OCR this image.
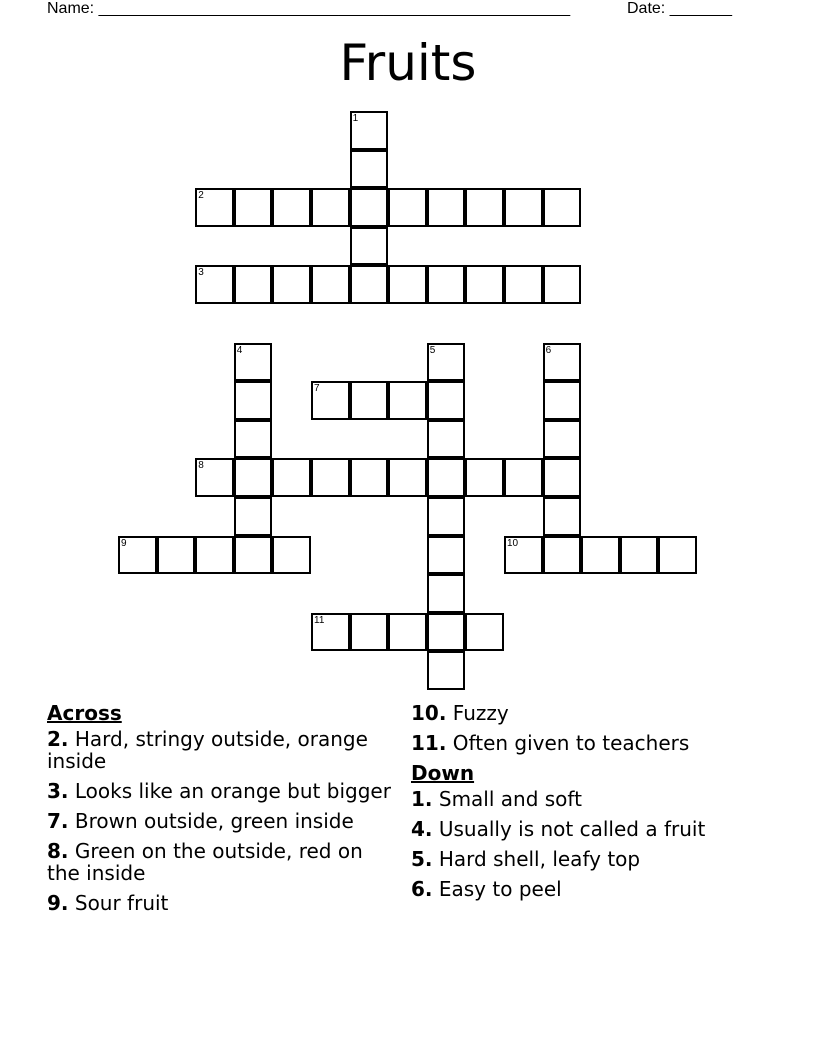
Name: _____________________________________________________	Date: _______
Fruits
1
2
3
4	5	6
7
8
9	10
11
Across
2. Hard, stringy outside, orange inside
3. Looks like an orange but bigger
7. Brown outside, green inside
8. Green on the outside, red on the inside
9. Sour fruit
10. Fuzzy
11. Often given to teachers
Down
1. Small and soft
4. Usually is not called a fruit
5. Hard shell, leafy top
6. Easy to peel
